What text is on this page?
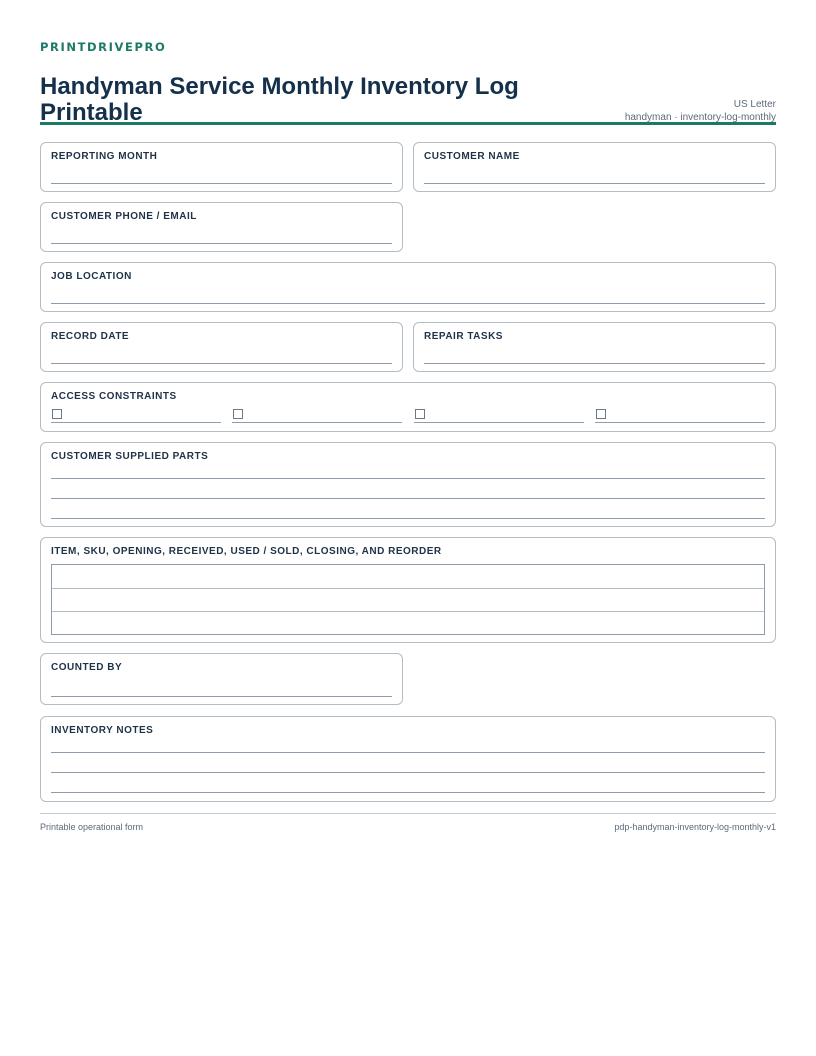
PRINTDRIVEPRO
Handyman Service Monthly Inventory Log Printable	US Letter
handyman · inventory-log-monthly
REPORTING MONTH	CUSTOMER NAME
CUSTOMER PHONE / EMAIL
JOB LOCATION
RECORD DATE	REPAIR TASKS
ACCESS CONSTRAINTS
CUSTOMER SUPPLIED PARTS
ITEM, SKU, OPENING, RECEIVED, USED / SOLD, CLOSING, AND REORDER
COUNTED BY
INVENTORY NOTES
Printable operational form	pdp-handyman-inventory-log-monthly-v1
